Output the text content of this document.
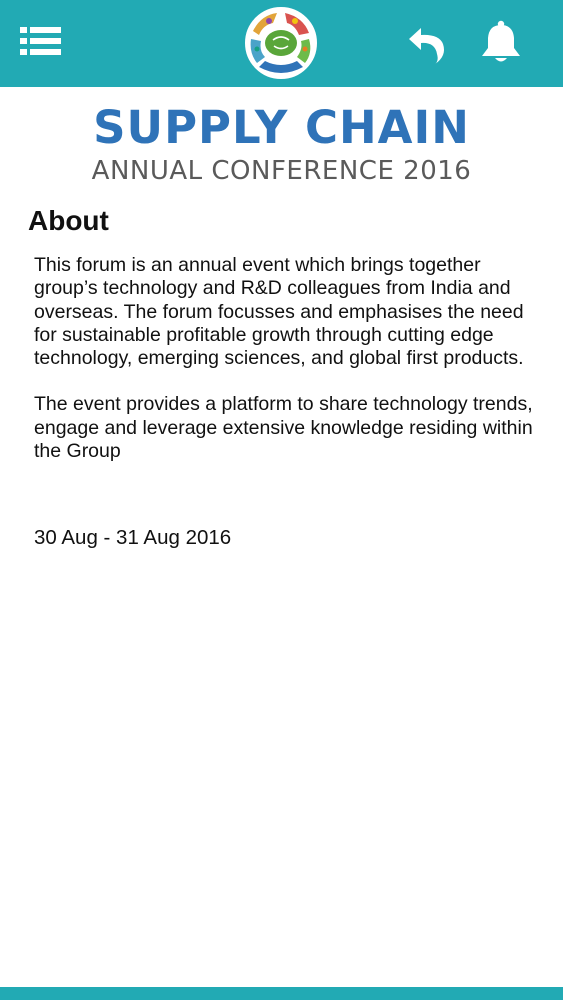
SUPPLY CHAIN
ANNUAL CONFERENCE 2016
About

This forum is an annual event which brings together group’s technology and R&D colleagues from India and overseas. The forum focusses and emphasises the need for sustainable profitable growth through cutting edge technology, emerging sciences, and global first products.

The event provides a platform to share technology trends, engage and leverage extensive knowledge residing within the Group

30 Aug - 31 Aug 2016
